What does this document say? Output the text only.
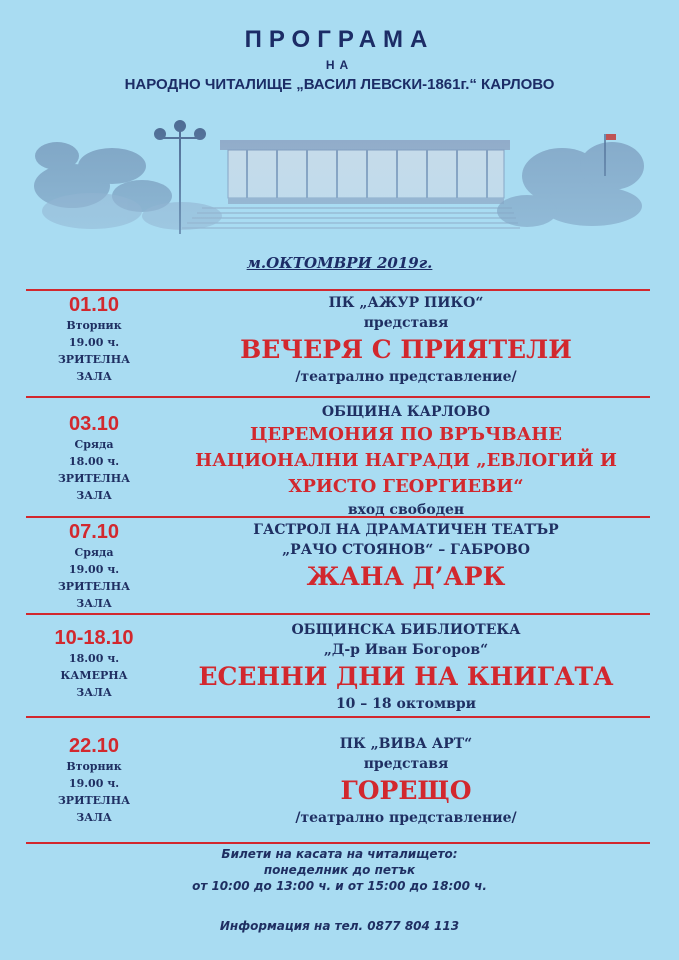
ПРОГРАМА
НА
НАРОДНО ЧИТАЛИЩЕ „ВАСИЛ ЛЕВСКИ-1861г.“ КАРЛОВО
м.ОКТОМВРИ 2019г.
01.10
Вторник
19.00 ч.
ЗРИТЕЛНА
ЗАЛА
ПК „АЖУР ПИКО“
представя
ВЕЧЕРЯ С ПРИЯТЕЛИ
/театрално представление/
03.10
Сряда
18.00 ч.
ЗРИТЕЛНА
ЗАЛА
ОБЩИНА КАРЛОВО
ЦЕРЕМОНИЯ ПО ВРЪЧВАНЕ
НАЦИОНАЛНИ НАГРАДИ „ЕВЛОГИЙ И
ХРИСТО ГЕОРГИЕВИ“
вход свободен
07.10
Сряда
19.00 ч.
ЗРИТЕЛНА
ЗАЛА
ГАСТРОЛ НА ДРАМАТИЧЕН ТЕАТЪР
„РАЧО СТОЯНОВ“ – ГАБРОВО
ЖАНА Д’АРК
10-18.10
18.00 ч.
КАМЕРНА
ЗАЛА
ОБЩИНСКА БИБЛИОТЕКА
„Д-р Иван Богоров“
ЕСЕННИ ДНИ НА КНИГАТА
10 – 18 октомври
22.10
Вторник
19.00 ч.
ЗРИТЕЛНА
ЗАЛА
ПК „ВИВА АРТ“
представя
ГОРЕЩО
/театрално представление/
Билети на касата на читалището:
понеделник до петък
от 10:00 до 13:00 ч. и от 15:00 до 18:00 ч.
Информация на тел. 0877 804 113
